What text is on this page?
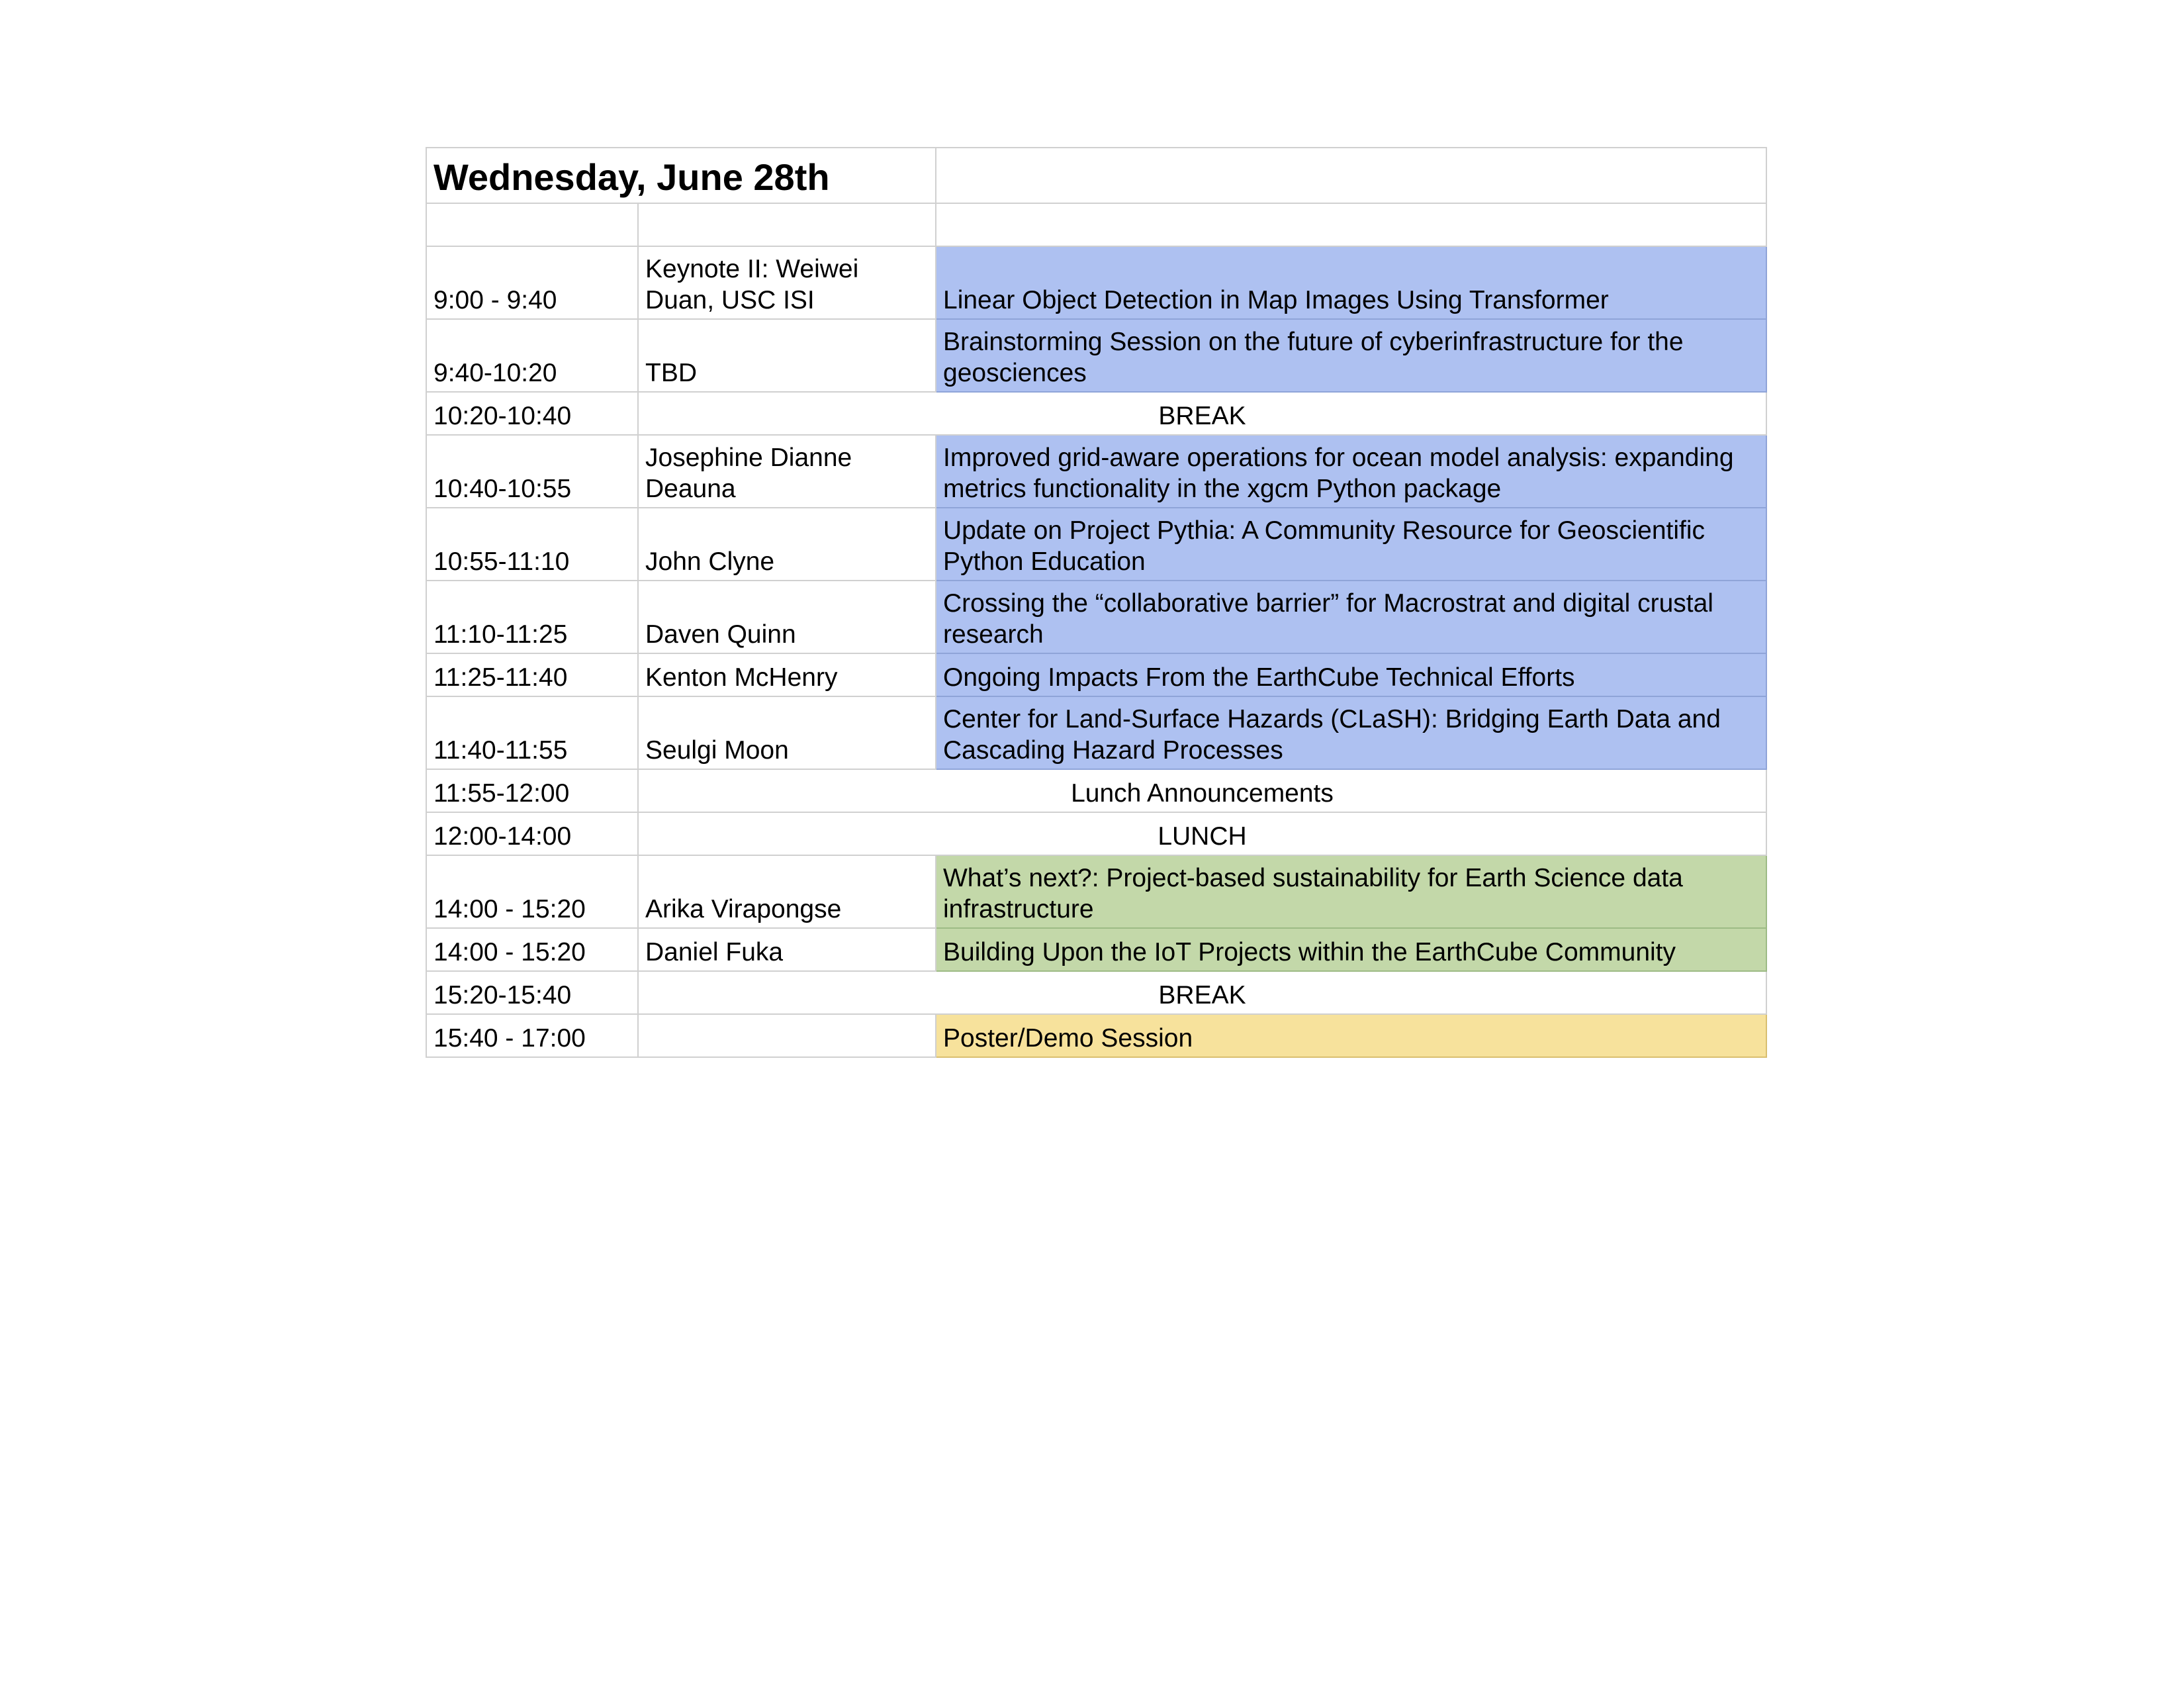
Wednesday, June 28th		

9:00 - 9:40	Keynote II: Weiwei Duan, USC ISI	Linear Object Detection in Map Images Using Transformer
9:40-10:20	TBD	Brainstorming Session on the future of cyberinfrastructure for the geosciences
10:20-10:40	BREAK	
10:40-10:55	Josephine Dianne Deauna	Improved grid-aware operations for ocean model analysis: expanding metrics functionality in the xgcm Python package
10:55-11:10	John Clyne	Update on Project Pythia: A Community Resource for Geoscientific Python Education
11:10-11:25	Daven Quinn	Crossing the “collaborative barrier” for Macrostrat and digital crustal research
11:25-11:40	Kenton McHenry	Ongoing Impacts From the EarthCube Technical Efforts
11:40-11:55	Seulgi Moon	Center for Land-Surface Hazards (CLaSH): Bridging Earth Data and Cascading Hazard Processes
11:55-12:00	Lunch Announcements	
12:00-14:00	LUNCH	
14:00 - 15:20	Arika Virapongse	What’s next?: Project-based sustainability for Earth Science data infrastructure
14:00 - 15:20	Daniel Fuka	Building Upon the IoT Projects within the EarthCube Community
15:20-15:40	BREAK	
15:40 - 17:00		Poster/Demo Session
